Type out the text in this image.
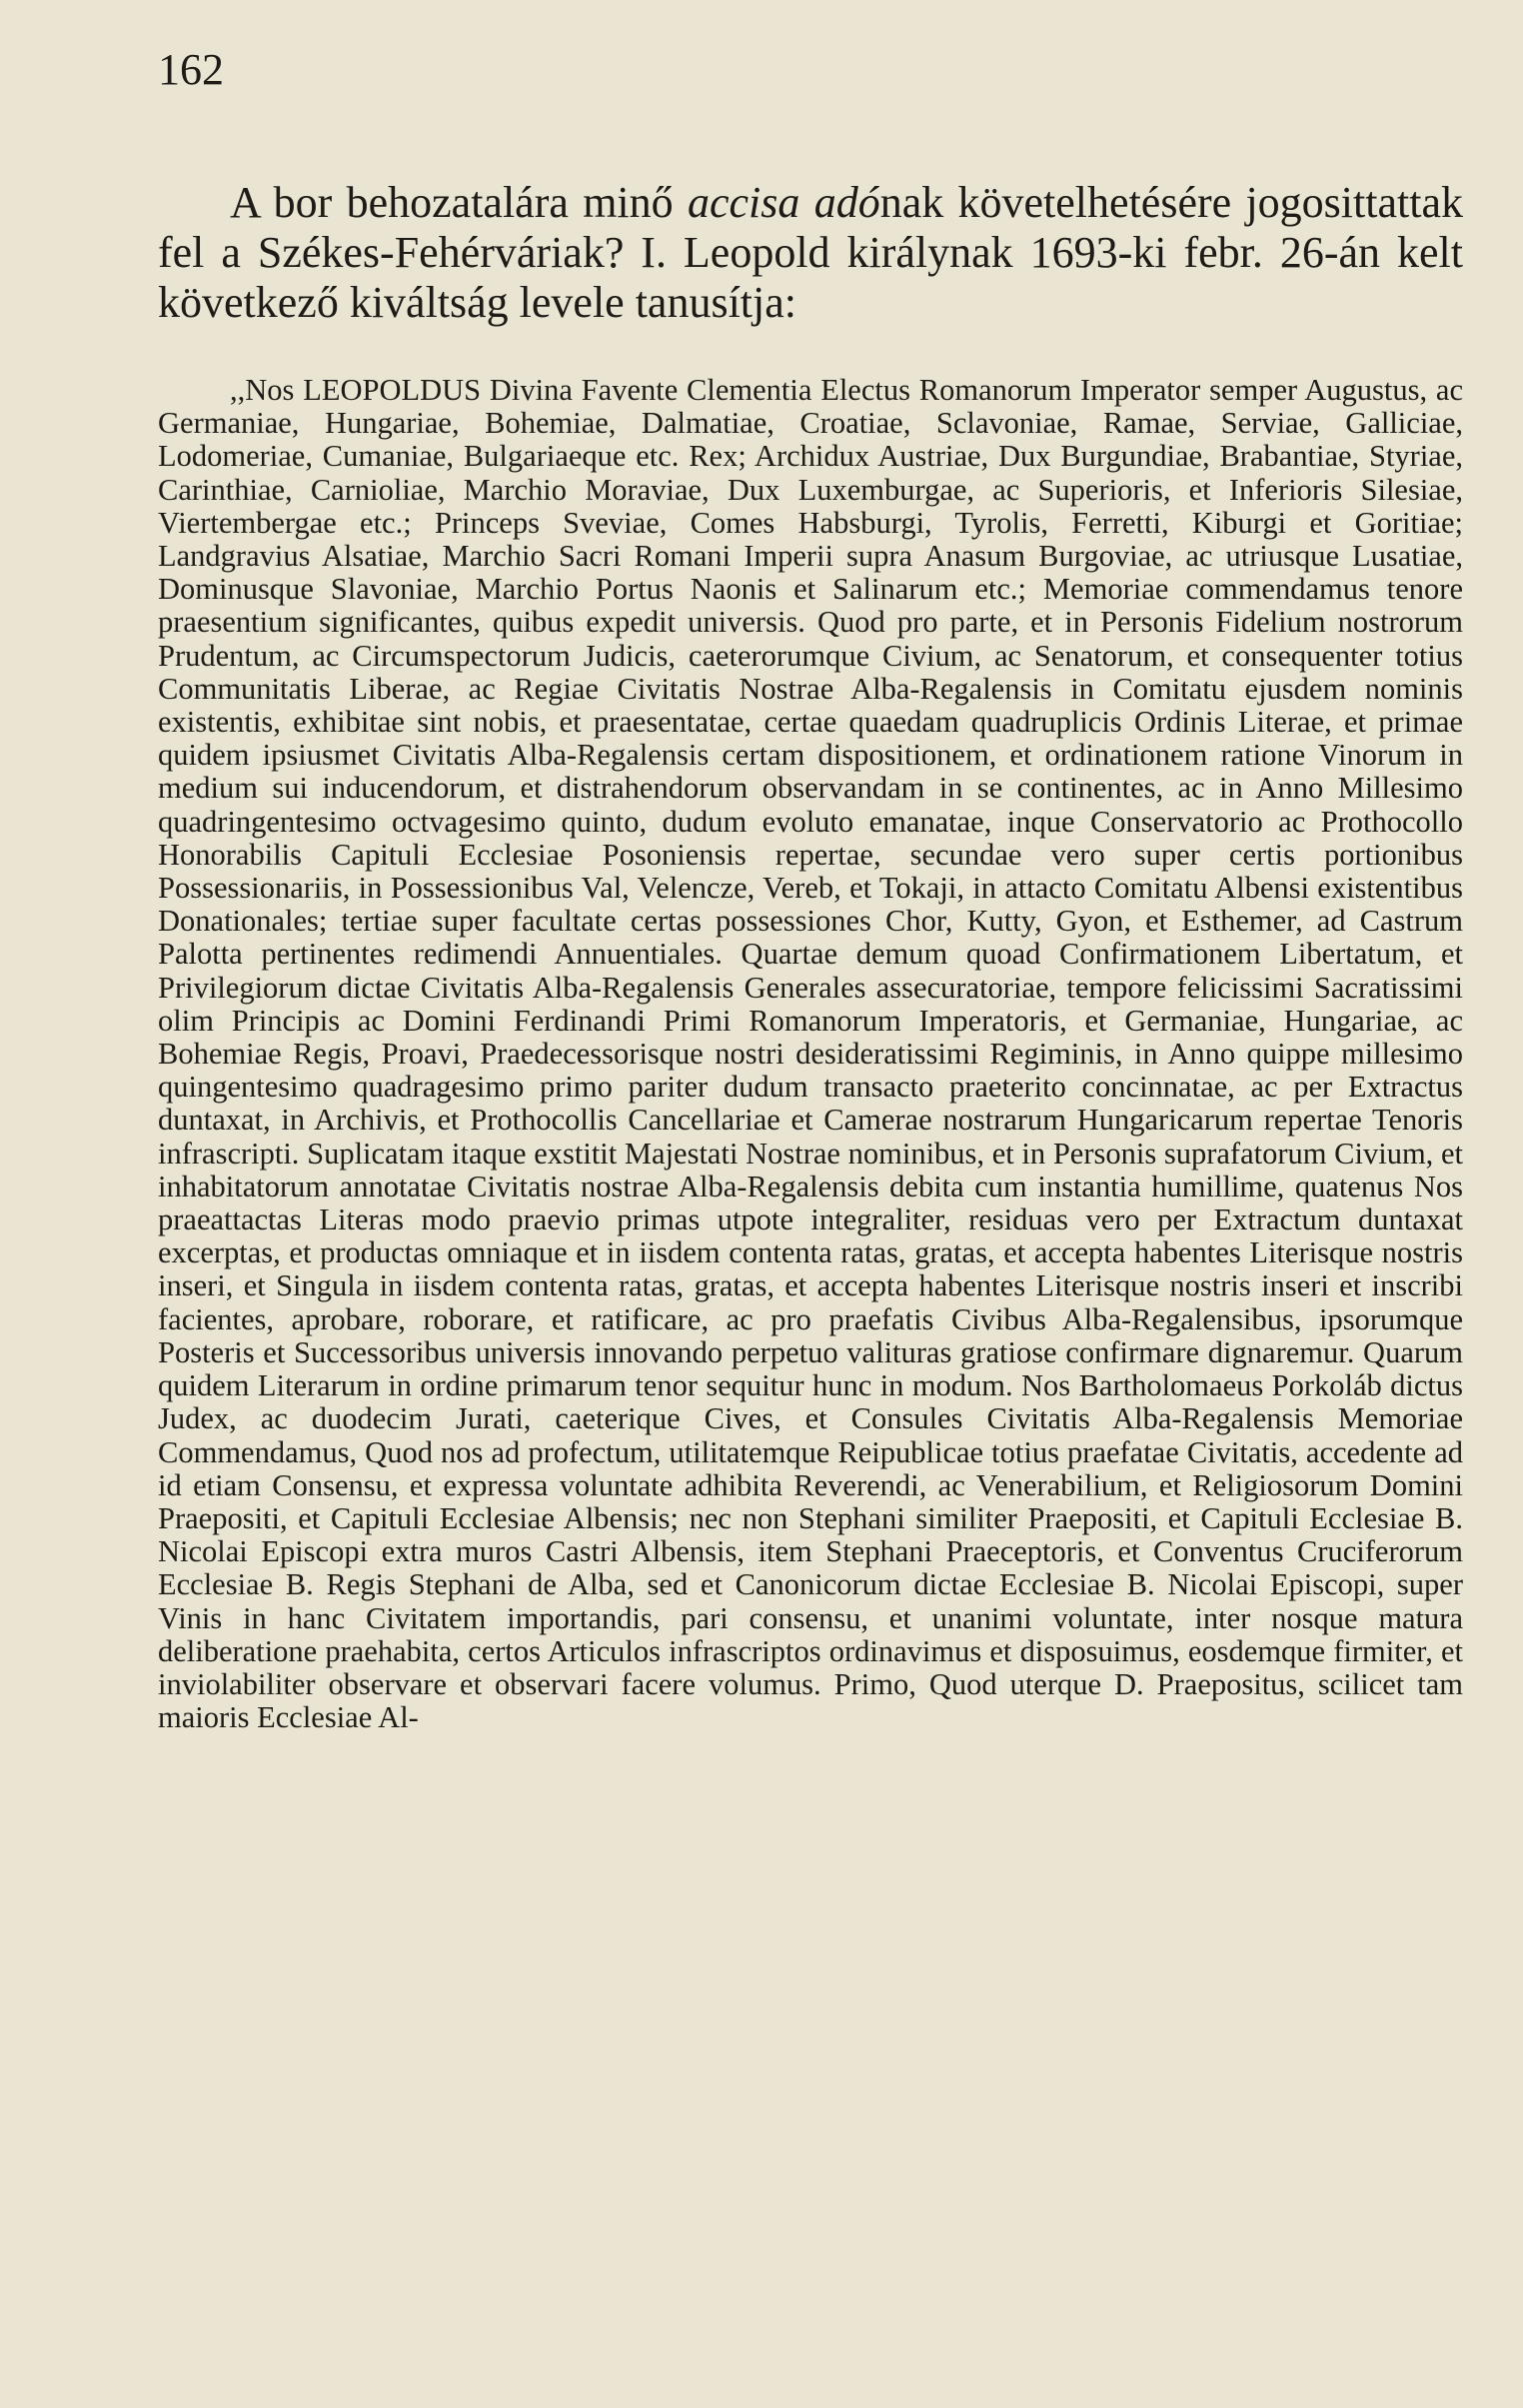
162

A bor behozatalára minő accisa adónak követelhetésére jogosittattak fel a Székes-Fehérváriak? I. Leopold királynak 1693-ki febr. 26-án kelt következő kiváltság levele tanusítja:

,,Nos LEOPOLDUS Divina Favente Clementia Electus Romanorum Imperator semper Augustus, ac Germaniae, Hungariae, Bohemiae, Dalmatiae, Croatiae, Sclavoniae, Ramae, Serviae, Galliciae, Lodomeriae, Cumaniae, Bulgariaeque etc. Rex; Archidux Austriae, Dux Burgundiae, Brabantiae, Styriae, Carinthiae, Carnioliae, Marchio Moraviae, Dux Luxemburgae, ac Superioris, et Inferioris Silesiae, Viertembergae etc.; Princeps Sveviae, Comes Habsburgi, Tyrolis, Ferretti, Kiburgi et Goritiae; Landgravius Alsatiae, Marchio Sacri Romani Imperii supra Anasum Burgoviae, ac utriusque Lusatiae, Dominusque Slavoniae, Marchio Portus Naonis et Salinarum etc.; Memoriae commendamus tenore praesentium significantes, quibus expedit universis. Quod pro parte, et in Personis Fidelium nostrorum Prudentum, ac Circumspectorum Judicis, caeterorumque Civium, ac Senatorum, et consequenter totius Communitatis Liberae, ac Regiae Civitatis Nostrae Alba-Regalensis in Comitatu ejusdem nominis existentis, exhibitae sint nobis, et praesentatae, certae quaedam quadruplicis Ordinis Literae, et primae quidem ipsiusmet Civitatis Alba-Regalensis certam dispositionem, et ordinationem ratione Vinorum in medium sui inducendorum, et distrahendorum observandam in se continentes, ac in Anno Millesimo quadringentesimo octvagesimo quinto, dudum evoluto emanatae, inque Conservatorio ac Prothocollo Honorabilis Capituli Ecclesiae Posoniensis repertae, secundae vero super certis portionibus Possessionariis, in Possessionibus Val, Velencze, Vereb, et Tokaji, in attacto Comitatu Albensi existentibus Donationales; tertiae super facultate certas possessiones Chor, Kutty, Gyon, et Esthemer, ad Castrum Palotta pertinentes redimendi Annuentiales. Quartae demum quoad Confirmationem Libertatum, et Privilegiorum dictae Civitatis Alba-Regalensis Generales assecuratoriae, tempore felicissimi Sacratissimi olim Principis ac Domini Ferdinandi Primi Romanorum Imperatoris, et Germaniae, Hungariae, ac Bohemiae Regis, Proavi, Praedecessorisque nostri desideratissimi Regiminis, in Anno quippe millesimo quingentesimo quadragesimo primo pariter dudum transacto praeterito concinnatae, ac per Extractus duntaxat, in Archivis, et Prothocollis Cancellariae et Camerae nostrarum Hungaricarum repertae Tenoris infrascripti. Suplicatam itaque exstitit Majestati Nostrae nominibus, et in Personis suprafatorum Civium, et inhabitatorum annotatae Civitatis nostrae Alba-Regalensis debita cum instantia humillime, quatenus Nos praeattactas Literas modo praevio primas utpote integraliter, residuas vero per Extractum duntaxat excerptas, et productas omniaque et in iisdem contenta ratas, gratas, et accepta habentes Literisque nostris inseri, et Singula in iisdem contenta ratas, gratas, et accepta habentes Literisque nostris inseri et inscribi facientes, aprobare, roborare, et ratificare, ac pro praefatis Civibus Alba-Regalensibus, ipsorumque Posteris et Successoribus universis innovando perpetuo valituras gratiose confirmare dignaremur. Quarum quidem Literarum in ordine primarum tenor sequitur hunc in modum. Nos Bartholomaeus Porkoláb dictus Judex, ac duodecim Jurati, caeterique Cives, et Consules Civitatis Alba-Regalensis Memoriae Commendamus, Quod nos ad profectum, utilitatemque Reipublicae totius praefatae Civitatis, accedente ad id etiam Consensu, et expressa voluntate adhibita Reverendi, ac Venerabilium, et Religiosorum Domini Praepositi, et Capituli Ecclesiae Albensis; nec non Stephani similiter Praepositi, et Capituli Ecclesiae B. Nicolai Episcopi extra muros Castri Albensis, item Stephani Praeceptoris, et Conventus Cruciferorum Ecclesiae B. Regis Stephani de Alba, sed et Canonicorum dictae Ecclesiae B. Nicolai Episcopi, super Vinis in hanc Civitatem importandis, pari consensu, et unanimi voluntate, inter nosque matura deliberatione praehabita, certos Articulos infrascriptos ordinavimus et disposuimus, eosdemque firmiter, et inviolabiliter observare et observari facere volumus. Primo, Quod uterque D. Praepositus, scilicet tam maioris Ecclesiae Al-
